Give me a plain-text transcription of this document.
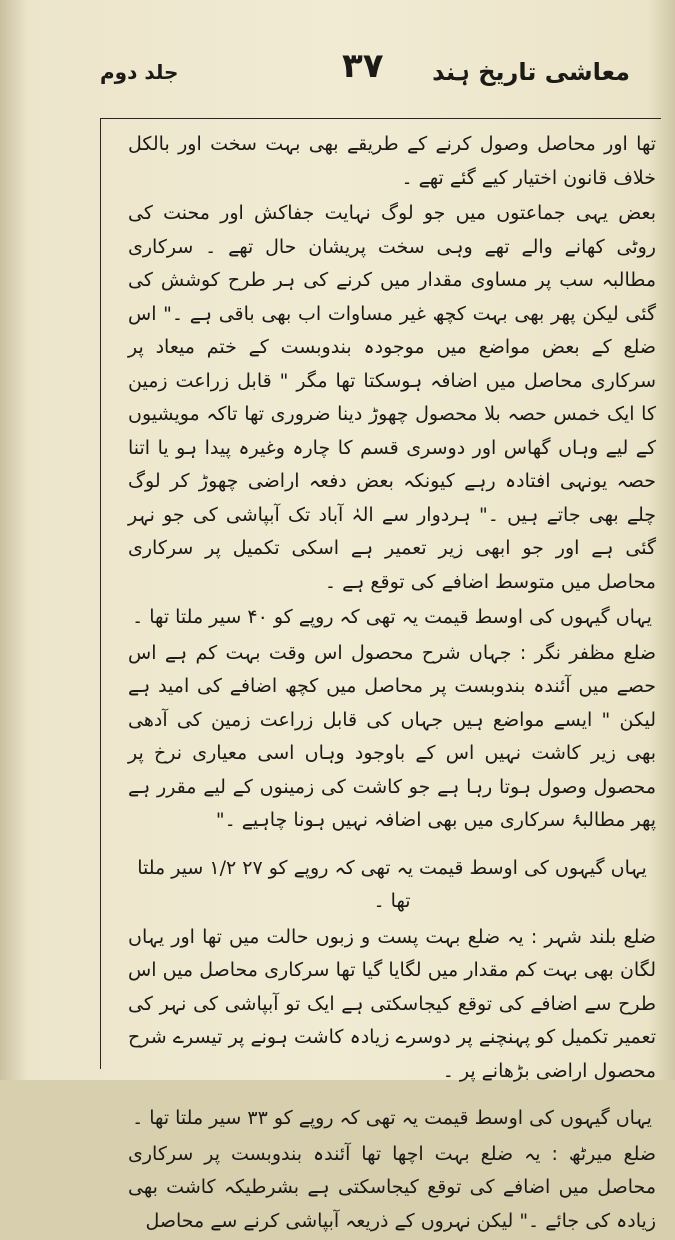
جلد دوم	۳۷ معاشی تاریخ ہند

تھا اور محاصل وصول کرنے کے طریقے بھی بہت سخت اور بالکل خلاف قانون اختیار کیے گئے تھے ۔

بعض یہی جماعتوں میں جو لوگ نہایت جفاکش اور محنت کی روٹی کھانے والے تھے وہی سخت پریشان حال تھے ۔ سرکاری مطالبہ سب پر مساوی مقدار میں کرنے کی ہر طرح کوشش کی گئی لیکن پھر بھی بہت کچھ غیر مساوات اب بھی باقی ہے ۔" اس ضلع کے بعض مواضع میں موجودہ بندوبست کے ختم میعاد پر سرکاری محاصل میں اضافہ ہوسکتا تھا مگر " قابل زراعت زمین کا ایک خمس حصہ بلا محصول چھوڑ دینا ضروری تھا تاکہ مویشیوں کے لیے وہاں گھاس اور دوسری قسم کا چارہ وغیرہ پیدا ہو یا اتنا حصہ یونہی افتادہ رہے کیونکہ بعض دفعہ اراضی چھوڑ کر لوگ چلے بھی جاتے ہیں ۔" ہردوار سے الہٰ آباد تک آبپاشی کی جو نہر گئی ہے اور جو ابھی زیر تعمیر ہے اسکی تکمیل پر سرکاری محاصل میں متوسط اضافے کی توقع ہے ۔

یہاں گیہوں کی اوسط قیمت یہ تھی کہ روپے کو ۴۰ سیر ملتا تھا ۔

ضلع مظفر نگر : جہاں شرح محصول اس وقت بہت کم ہے اس حصے میں آئندہ بندوبست پر محاصل میں کچھ اضافے کی امید ہے لیکن " ایسے مواضع ہیں جہاں کی قابل زراعت زمین کی آدھی بھی زیر کاشت نہیں اس کے باوجود وہاں اسی معیاری نرخ پر محصول وصول ہوتا رہا ہے جو کاشت کی زمینوں کے لیے مقرر ہے پھر مطالبۂ سرکاری میں بھی اضافہ نہیں ہونا چاہیے ۔"

یہاں گیہوں کی اوسط قیمت یہ تھی کہ روپے کو ۲۷ ۱/۲ سیر ملتا تھا ۔

ضلع بلند شہر : یہ ضلع بہت پست و زبوں حالت میں تھا اور یہاں لگان بھی بہت کم مقدار میں لگایا گیا تھا سرکاری محاصل میں اس طرح سے اضافے کی توقع کیجاسکتی ہے ایک تو آبپاشی کی نہر کی تعمیر تکمیل کو پہنچنے پر دوسرے زیادہ کاشت ہونے پر تیسرے شرح محصول اراضی بڑھانے پر ۔

یہاں گیہوں کی اوسط قیمت یہ تھی کہ روپے کو ۳۳ سیر ملتا تھا ۔

ضلع میرٹھ : یہ ضلع بہت اچھا تھا آئندہ بندوبست پر سرکاری محاصل میں اضافے کی توقع کیجاسکتی ہے بشرطیکہ کاشت بھی زیادہ کی جائے ۔" لیکن نہروں کے ذریعہ آبپاشی کرنے سے محاصل
